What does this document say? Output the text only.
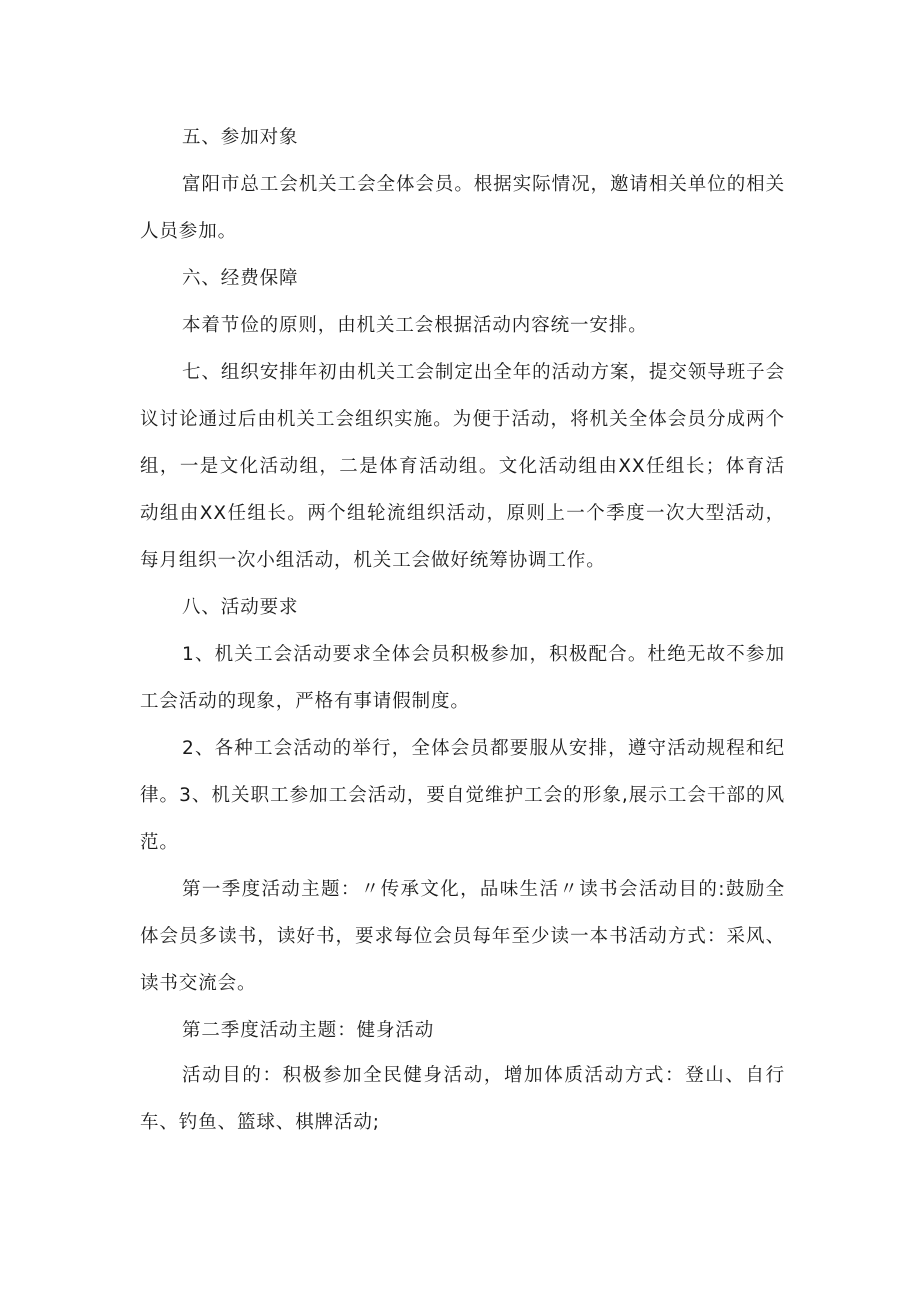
五、参加对象

富阳市总工会机关工会全体会员。根据实际情况，邀请相关单位的相关人员参加。

六、经费保障

本着节俭的原则，由机关工会根据活动内容统一安排。

七、组织安排年初由机关工会制定出全年的活动方案，提交领导班子会议讨论通过后由机关工会组织实施。为便于活动，将机关全体会员分成两个组，一是文化活动组，二是体育活动组。文化活动组由XX任组长；体育活动组由XX任组长。两个组轮流组织活动，原则上一个季度一次大型活动，每月组织一次小组活动，机关工会做好统筹协调工作。

八、活动要求

1、机关工会活动要求全体会员积极参加，积极配合。杜绝无故不参加工会活动的现象，严格有事请假制度。

2、各种工会活动的举行，全体会员都要服从安排，遵守活动规程和纪律。3、机关职工参加工会活动，要自觉维护工会的形象,展示工会干部的风范。

第一季度活动主题：〃传承文化，品味生活〃读书会活动目的:鼓励全体会员多读书，读好书，要求每位会员每年至少读一本书活动方式：采风、读书交流会。

第二季度活动主题：健身活动

活动目的：积极参加全民健身活动，增加体质活动方式：登山、自行车、钓鱼、篮球、棋牌活动;
